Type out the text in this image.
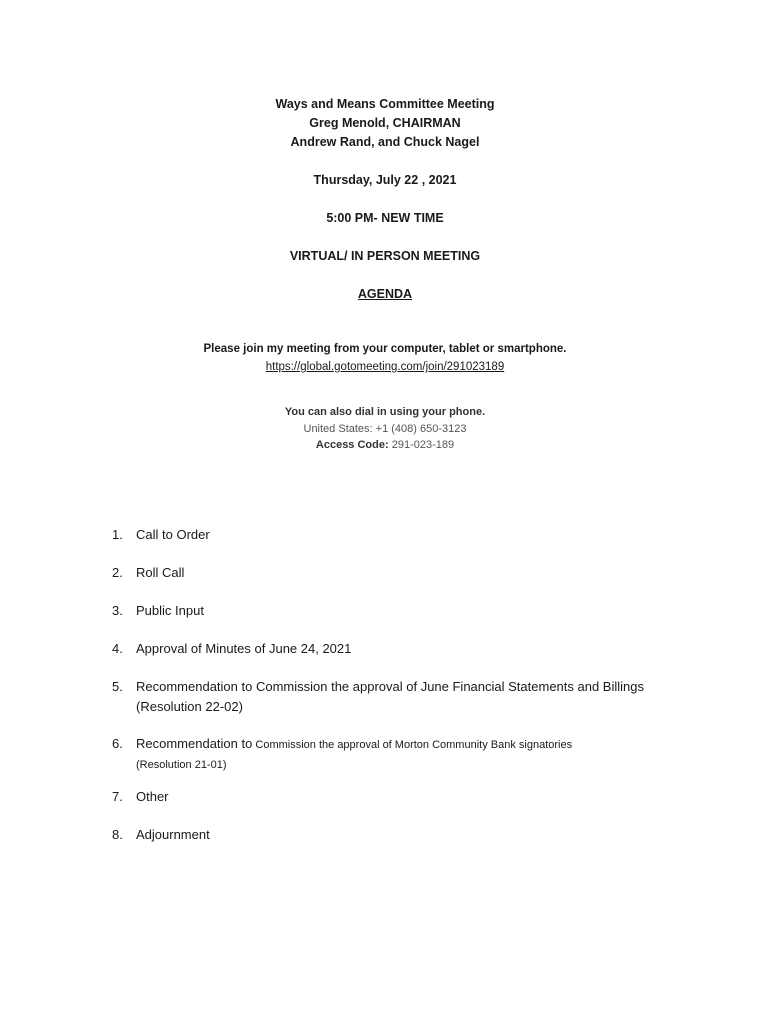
Ways and Means Committee Meeting
Greg Menold, CHAIRMAN
Andrew Rand, and Chuck Nagel
Thursday, July 22 , 2021
5:00 PM- NEW TIME
VIRTUAL/ IN PERSON MEETING
AGENDA
Please join my meeting from your computer, tablet or smartphone.
https://global.gotomeeting.com/join/291023189
You can also dial in using your phone.
United States: +1 (408) 650-3123
Access Code: 291-023-189
1.	Call to Order
2.	Roll Call
3.	Public Input
4.	Approval of Minutes of June 24, 2021
5.	Recommendation to Commission the approval of June Financial Statements and Billings
(Resolution 22-02)
6.	Recommendation to Commission the approval of Morton Community Bank signatories
(Resolution 21-01)
7.	Other
8.	Adjournment
